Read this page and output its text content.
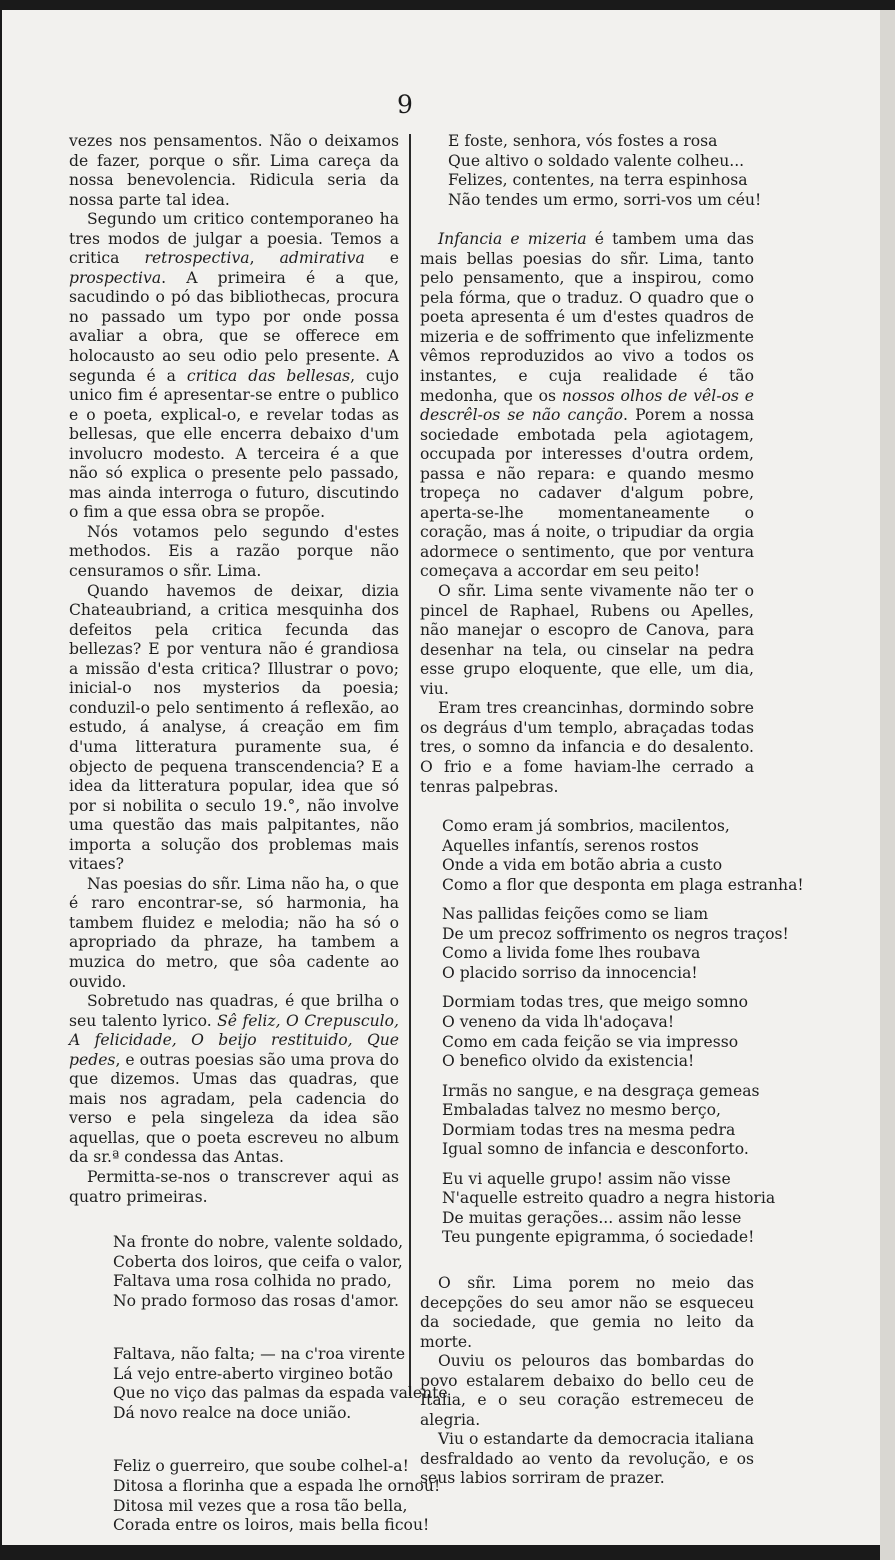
9

vezes nos pensamentos. Não o deixamos de fazer, porque o sñr. Lima careça da nossa benevolencia. Ridicula seria da nossa parte tal idea.

Segundo um critico contemporaneo ha tres modos de julgar a poesia. Temos a critica retrospectiva, admirativa e prospectiva. A primeira é a que, sacudindo o pó das bibliothecas, procura no passado um typo por onde possa avaliar a obra, que se offerece em holocausto ao seu odio pelo presente. A segunda é a critica das bellesas, cujo unico fim é apresentar-se entre o publico e o poeta, explical-o, e revelar todas as bellesas, que elle encerra debaixo d'um involucro modesto. A terceira é a que não só explica o presente pelo passado, mas ainda interroga o futuro, discutindo o fim a que essa obra se propõe.

Nós votamos pelo segundo d'estes methodos. Eis a razão porque não censuramos o sñr. Lima.

Quando havemos de deixar, dizia Chateaubriand, a critica mesquinha dos defeitos pela critica fecunda das bellezas? E por ventura não é grandiosa a missão d'esta critica? Illustrar o povo; inicial-o nos mysterios da poesia; conduzil-o pelo sentimento á reflexão, ao estudo, á analyse, á creação em fim d'uma litteratura puramente sua, é objecto de pequena transcendencia? E a idea da litteratura popular, idea que só por si nobilita o seculo 19.°, não involve uma questão das mais palpitantes, não importa a solução dos problemas mais vitaes?

Nas poesias do sñr. Lima não ha, o que é raro encontrar-se, só harmonia, ha tambem fluidez e melodia; não ha só o apropriado da phraze, ha tambem a muzica do metro, que sôa cadente ao ouvido.

Sobretudo nas quadras, é que brilha o seu talento lyrico. Sê feliz, O Crepusculo, A felicidade, O beijo restituido, Que pedes, e outras poesias são uma prova do que dizemos. Umas das quadras, que mais nos agradam, pela cadencia do verso e pela singeleza da idea são aquellas, que o poeta escreveu no album da sr.ª condessa das Antas.

Permitta-se-nos o transcrever aqui as quatro primeiras.

Na fronte do nobre, valente soldado,
Coberta dos loiros, que ceifa o valor,
Faltava uma rosa colhida no prado,
No prado formoso das rosas d'amor.
Faltava, não falta; — na c'roa virente
Lá vejo entre-aberto virgineo botão
Que no viço das palmas da espada valente
Dá novo realce na doce união.
Feliz o guerreiro, que soube colhel-a!
Ditosa a florinha que a espada lhe ornou!
Ditosa mil vezes que a rosa tão bella,
Corada entre os loiros, mais bella ficou!
E foste, senhora, vós fostes a rosa
Que altivo o soldado valente colheu...
Felizes, contentes, na terra espinhosa
Não tendes um ermo, sorri-vos um céu!

Infancia e mizeria é tambem uma das mais bellas poesias do sñr. Lima, tanto pelo pensamento, que a inspirou, como pela fórma, que o traduz. O quadro que o poeta apresenta é um d'estes quadros de mizeria e de soffrimento que infelizmente vêmos reproduzidos ao vivo a todos os instantes, e cuja realidade é tão medonha, que os nossos olhos de vêl-os e descrêl-os se não canção. Porem a nossa sociedade embotada pela agiotagem, occupada por interesses d'outra ordem, passa e não repara: e quando mesmo tropeça no cadaver d'algum pobre, aperta-se-lhe momentaneamente o coração, mas á noite, o tripudiar da orgia adormece o sentimento, que por ventura começava a accordar em seu peito!

O sñr. Lima sente vivamente não ter o pincel de Raphael, Rubens ou Apelles, não manejar o escopro de Canova, para desenhar na tela, ou cinselar na pedra esse grupo eloquente, que elle, um dia, viu.

Eram tres creancinhas, dormindo sobre os degráus d'um templo, abraçadas todas tres, o somno da infancia e do desalento. O frio e a fome haviam-lhe cerrado a tenras palpebras.

Como eram já sombrios, macilentos,
Aquelles infantís, serenos rostos
Onde a vida em botão abria a custo
Como a flor que desponta em plaga estranha!
Nas pallidas feições como se liam
De um precoz soffrimento os negros traços!
Como a livida fome lhes roubava
O placido sorriso da innocencia!
Dormiam todas tres, que meigo somno
O veneno da vida lh'adoçava!
Como em cada feição se via impresso
O benefico olvido da existencia!
Irmãs no sangue, e na desgraça gemeas
Embaladas talvez no mesmo berço,
Dormiam todas tres na mesma pedra
Igual somno de infancia e desconforto.
Eu vi aquelle grupo! assim não visse
N'aquelle estreito quadro a negra historia
De muitas gerações... assim não lesse
Teu pungente epigramma, ó sociedade!

O sñr. Lima porem no meio das decepções do seu amor não se esqueceu da sociedade, que gemia no leito da morte.

Ouviu os pelouros das bombardas do povo estalarem debaixo do bello ceu de Italia, e o seu coração estremeceu de alegria.

Viu o estandarte da democracia italiana desfraldado ao vento da revolução, e os seus labios sorriram de prazer.
